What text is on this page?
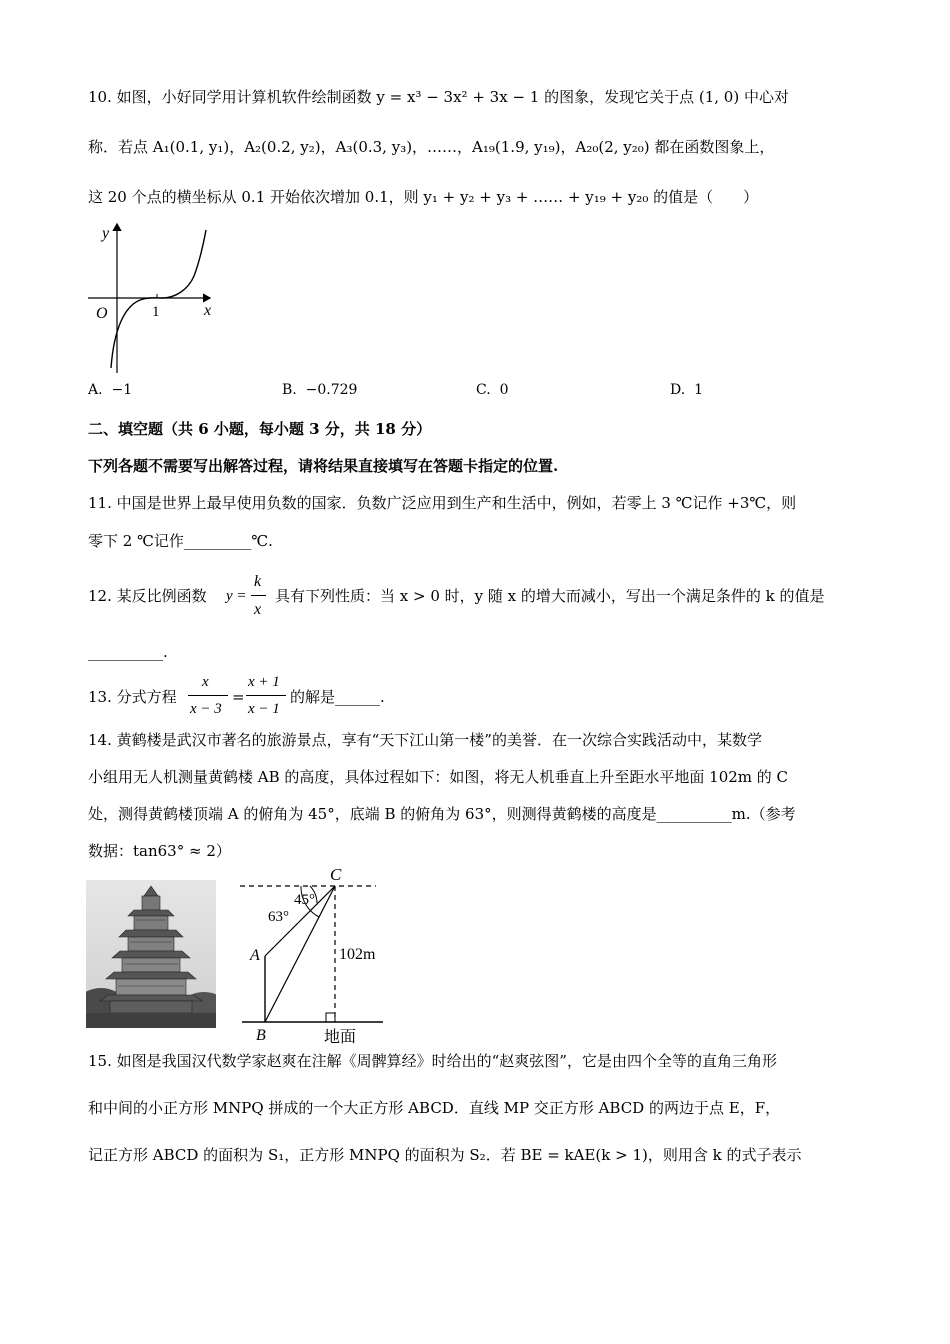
10. 如图，小好同学用计算机软件绘制函数 y = x³ − 3x² + 3x − 1 的图象，发现它关于点 (1, 0) 中心对
称．若点 A₁(0.1, y₁)，A₂(0.2, y₂)，A₃(0.3, y₃)，……，A₁₉(1.9, y₁₉)，A₂₀(2, y₂₀) 都在函数图象上，
这 20 个点的横坐标从 0.1 开始依次增加 0.1，则 y₁ + y₂ + y₃ + …… + y₁₉ + y₂₀ 的值是（　　）
y
x
O	1
A. −1	B. −0.729	C. 0	D. 1
二、填空题（共 6 小题，每小题 3 分，共 18 分）
下列各题不需要写出解答过程，请将结果直接填写在答题卡指定的位置.
11. 中国是世界上最早使用负数的国家．负数广泛应用到生产和生活中，例如，若零上 3 ℃记作 +3℃，则
零下 2 ℃记作_________℃.
12. 某反比例函数 y =
k
x
具有下列性质：当 x > 0 时，y 随 x 的增大而减小，写出一个满足条件的 k 的值是
__________.
13. 分式方程
x
x − 3
=
x + 1
x − 1
的解是______.
14. 黄鹤楼是武汉市著名的旅游景点，享有“天下江山第一楼”的美誉．在一次综合实践活动中，某数学
小组用无人机测量黄鹤楼 AB 的高度，具体过程如下：如图，将无人机垂直上升至距水平地面 102m 的 C
处，测得黄鹤楼顶端 A 的俯角为 45°，底端 B 的俯角为 63°，则测得黄鹤楼的高度是__________m.（参考
数据：tan63° ≈ 2）
C
A
B
45°
63°
102m
地面
15. 如图是我国汉代数学家赵爽在注解《周髀算经》时给出的“赵爽弦图”，它是由四个全等的直角三角形
和中间的小正方形 MNPQ 拼成的一个大正方形 ABCD．直线 MP 交正方形 ABCD 的两边于点 E，F，
记正方形 ABCD 的面积为 S₁，正方形 MNPQ 的面积为 S₂．若 BE = kAE(k > 1)，则用含 k 的式子表示
